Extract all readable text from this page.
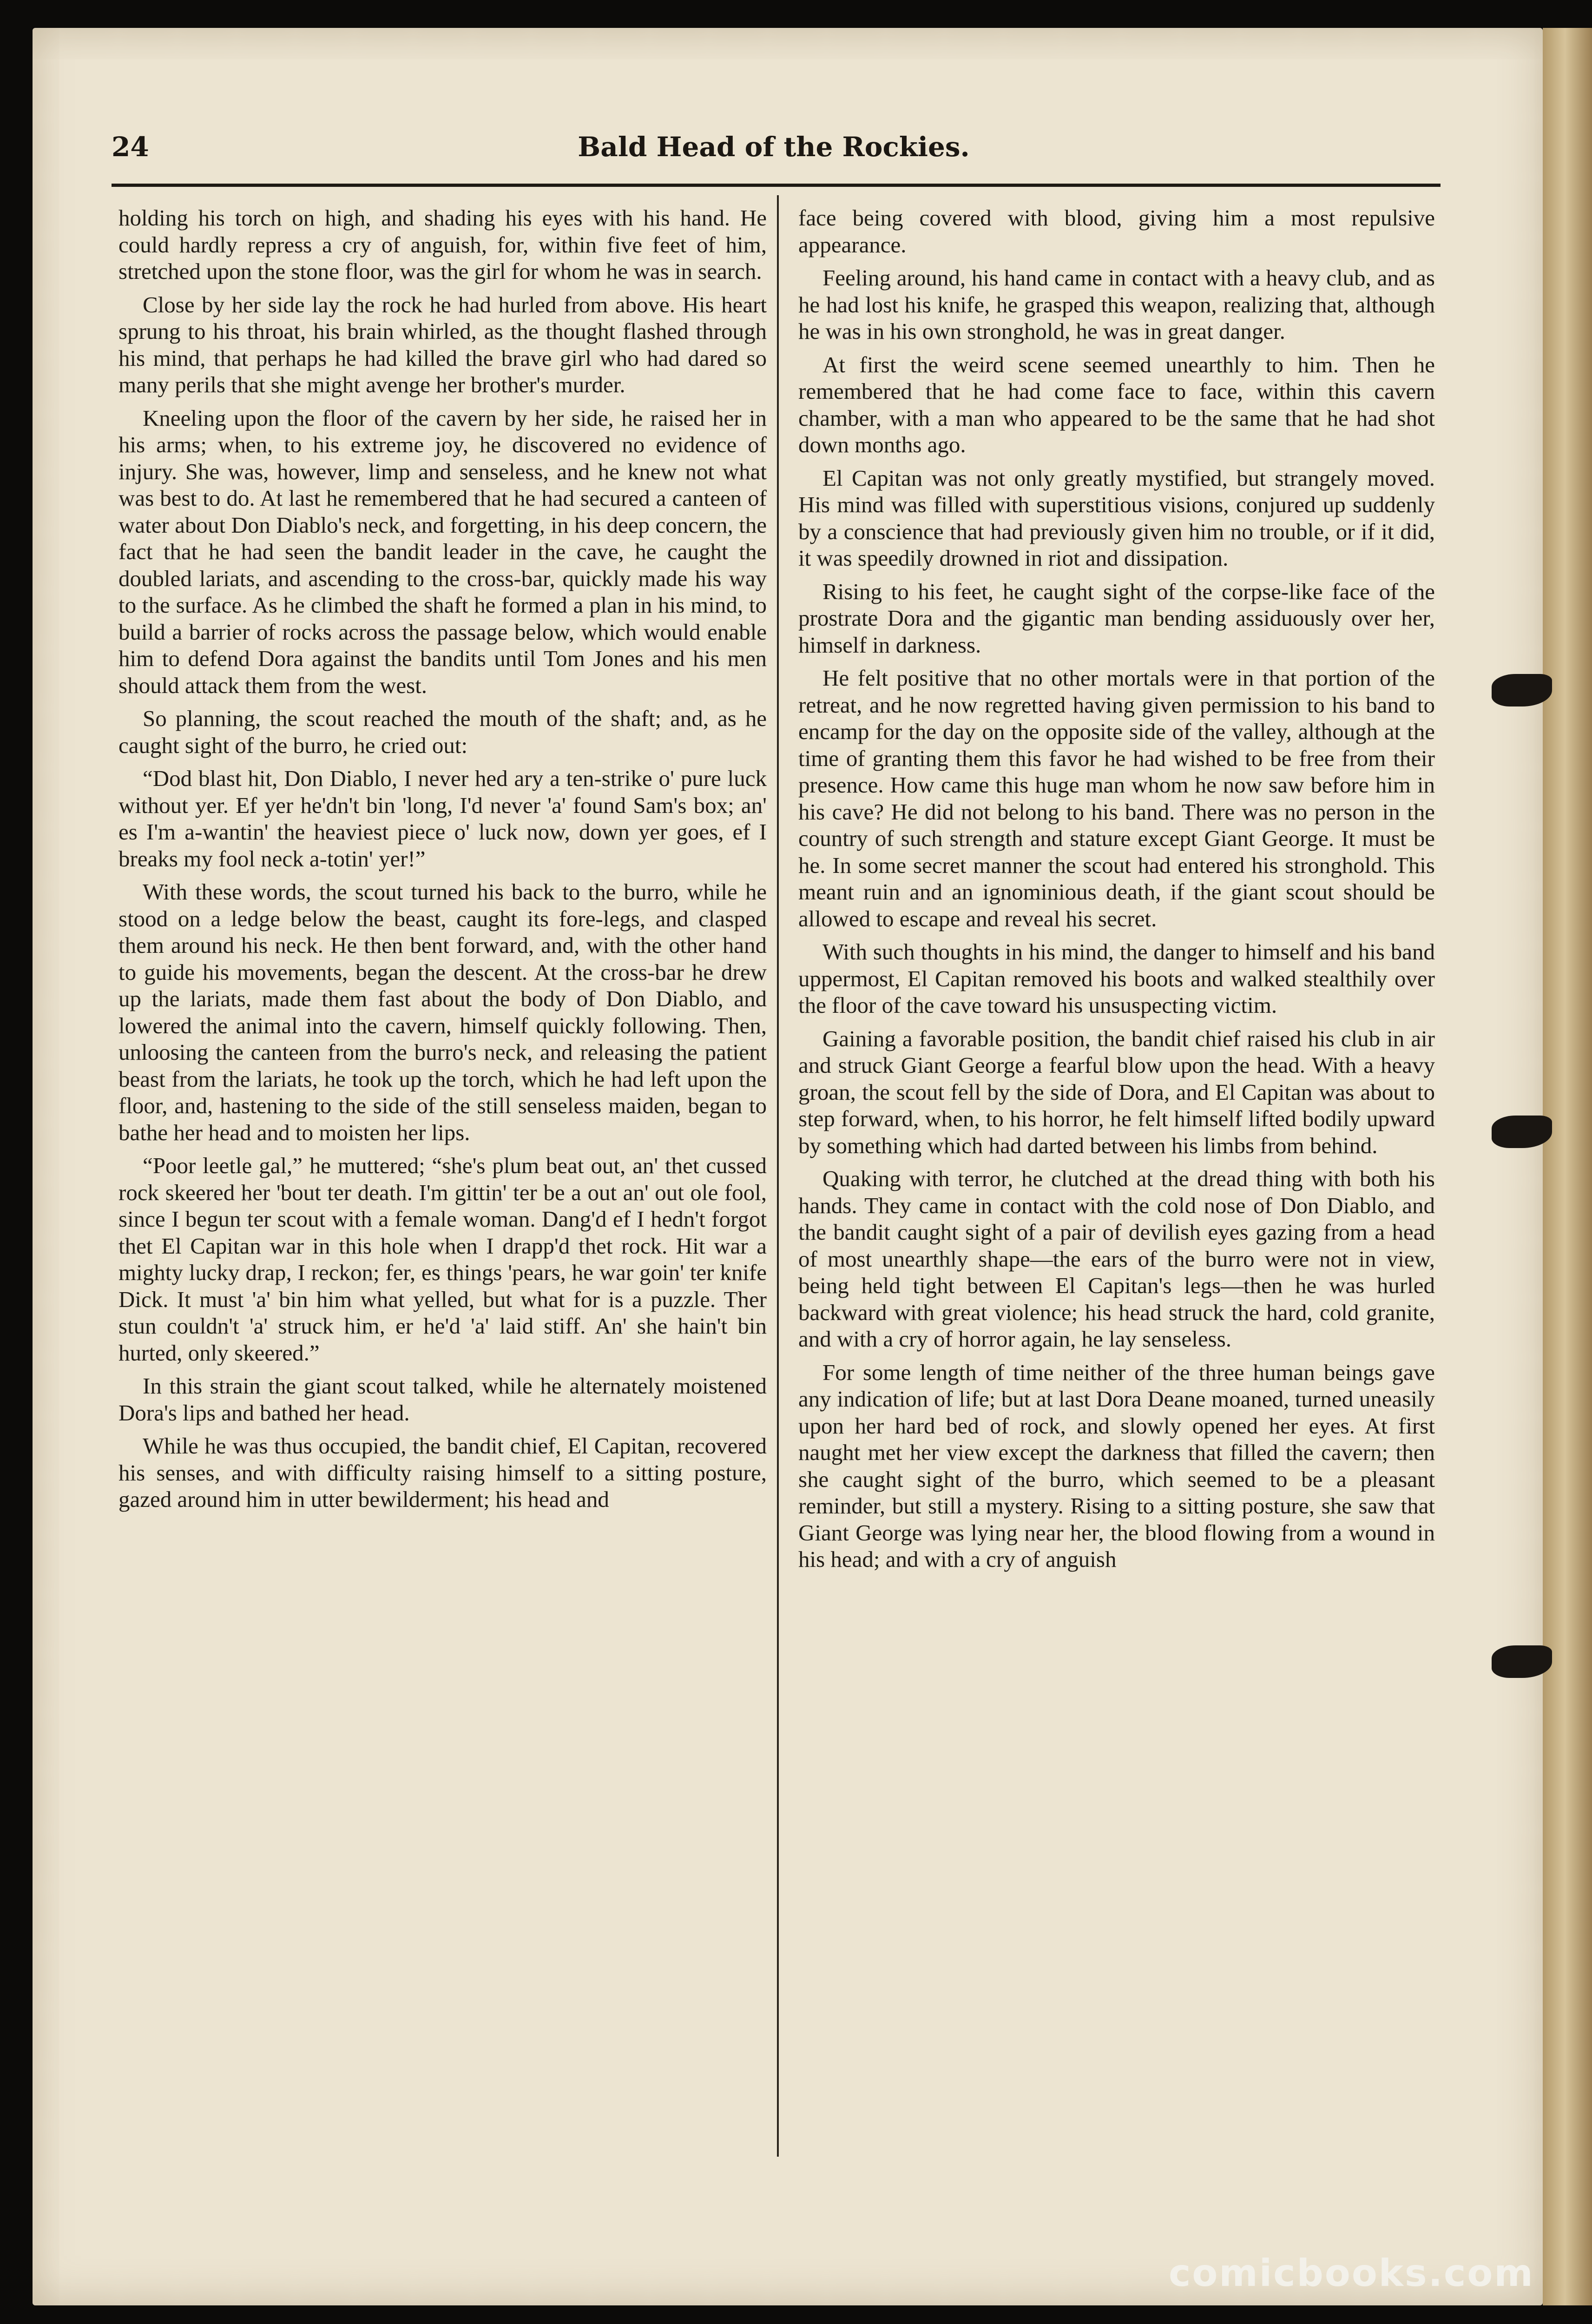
24	Bald Head of the Rockies.

holding his torch on high, and shading his eyes with his hand. He could hardly repress a cry of anguish, for, within five feet of him, stretched upon the stone floor, was the girl for whom he was in search.

Close by her side lay the rock he had hurled from above. His heart sprung to his throat, his brain whirled, as the thought flashed through his mind, that perhaps he had killed the brave girl who had dared so many perils that she might avenge her brother's murder.

Kneeling upon the floor of the cavern by her side, he raised her in his arms; when, to his extreme joy, he discovered no evidence of injury. She was, however, limp and senseless, and he knew not what was best to do. At last he remembered that he had secured a canteen of water about Don Diablo's neck, and forgetting, in his deep concern, the fact that he had seen the bandit leader in the cave, he caught the doubled lariats, and ascending to the cross-bar, quickly made his way to the surface. As he climbed the shaft he formed a plan in his mind, to build a barrier of rocks across the passage below, which would enable him to defend Dora against the bandits until Tom Jones and his men should attack them from the west.

So planning, the scout reached the mouth of the shaft; and, as he caught sight of the burro, he cried out:

“Dod blast hit, Don Diablo, I never hed ary a ten-strike o' pure luck without yer. Ef yer he'dn't bin 'long, I'd never 'a' found Sam's box; an' es I'm a-wantin' the heaviest piece o' luck now, down yer goes, ef I breaks my fool neck a-totin' yer!”

With these words, the scout turned his back to the burro, while he stood on a ledge below the beast, caught its fore-legs, and clasped them around his neck. He then bent forward, and, with the other hand to guide his movements, began the descent. At the cross-bar he drew up the lariats, made them fast about the body of Don Diablo, and lowered the animal into the cavern, himself quickly following. Then, unloosing the canteen from the burro's neck, and releasing the patient beast from the lariats, he took up the torch, which he had left upon the floor, and, hastening to the side of the still senseless maiden, began to bathe her head and to moisten her lips.

“Poor leetle gal,” he muttered; “she's plum beat out, an' thet cussed rock skeered her 'bout ter death. I'm gittin' ter be a out an' out ole fool, since I begun ter scout with a female woman. Dang'd ef I hedn't forgot thet El Capitan war in this hole when I drapp'd thet rock. Hit war a mighty lucky drap, I reckon; fer, es things 'pears, he war goin' ter knife Dick. It must 'a' bin him what yelled, but what for is a puzzle. Ther stun couldn't 'a' struck him, er he'd 'a' laid stiff. An' she hain't bin hurted, only skeered.”

In this strain the giant scout talked, while he alternately moistened Dora's lips and bathed her head.

While he was thus occupied, the bandit chief, El Capitan, recovered his senses, and with difficulty raising himself to a sitting posture, gazed around him in utter bewilderment; his head and

face being covered with blood, giving him a most repulsive appearance.

Feeling around, his hand came in contact with a heavy club, and as he had lost his knife, he grasped this weapon, realizing that, although he was in his own stronghold, he was in great danger.

At first the weird scene seemed unearthly to him. Then he remembered that he had come face to face, within this cavern chamber, with a man who appeared to be the same that he had shot down months ago.

El Capitan was not only greatly mystified, but strangely moved. His mind was filled with superstitious visions, conjured up suddenly by a conscience that had previously given him no trouble, or if it did, it was speedily drowned in riot and dissipation.

Rising to his feet, he caught sight of the corpse-like face of the prostrate Dora and the gigantic man bending assiduously over her, himself in darkness.

He felt positive that no other mortals were in that portion of the retreat, and he now regretted having given permission to his band to encamp for the day on the opposite side of the valley, although at the time of granting them this favor he had wished to be free from their presence. How came this huge man whom he now saw before him in his cave? He did not belong to his band. There was no person in the country of such strength and stature except Giant George. It must be he. In some secret manner the scout had entered his stronghold. This meant ruin and an ignominious death, if the giant scout should be allowed to escape and reveal his secret.

With such thoughts in his mind, the danger to himself and his band uppermost, El Capitan removed his boots and walked stealthily over the floor of the cave toward his unsuspecting victim.

Gaining a favorable position, the bandit chief raised his club in air and struck Giant George a fearful blow upon the head. With a heavy groan, the scout fell by the side of Dora, and El Capitan was about to step forward, when, to his horror, he felt himself lifted bodily upward by something which had darted between his limbs from behind.

Quaking with terror, he clutched at the dread thing with both his hands. They came in contact with the cold nose of Don Diablo, and the bandit caught sight of a pair of devilish eyes gazing from a head of most unearthly shape—the ears of the burro were not in view, being held tight between El Capitan's legs—then he was hurled backward with great violence; his head struck the hard, cold granite, and with a cry of horror again, he lay senseless.

For some length of time neither of the three human beings gave any indication of life; but at last Dora Deane moaned, turned uneasily upon her hard bed of rock, and slowly opened her eyes. At first naught met her view except the darkness that filled the cavern; then she caught sight of the burro, which seemed to be a pleasant reminder, but still a mystery. Rising to a sitting posture, she saw that Giant George was lying near her, the blood flowing from a wound in his head; and with a cry of anguish

comicbooks.com
